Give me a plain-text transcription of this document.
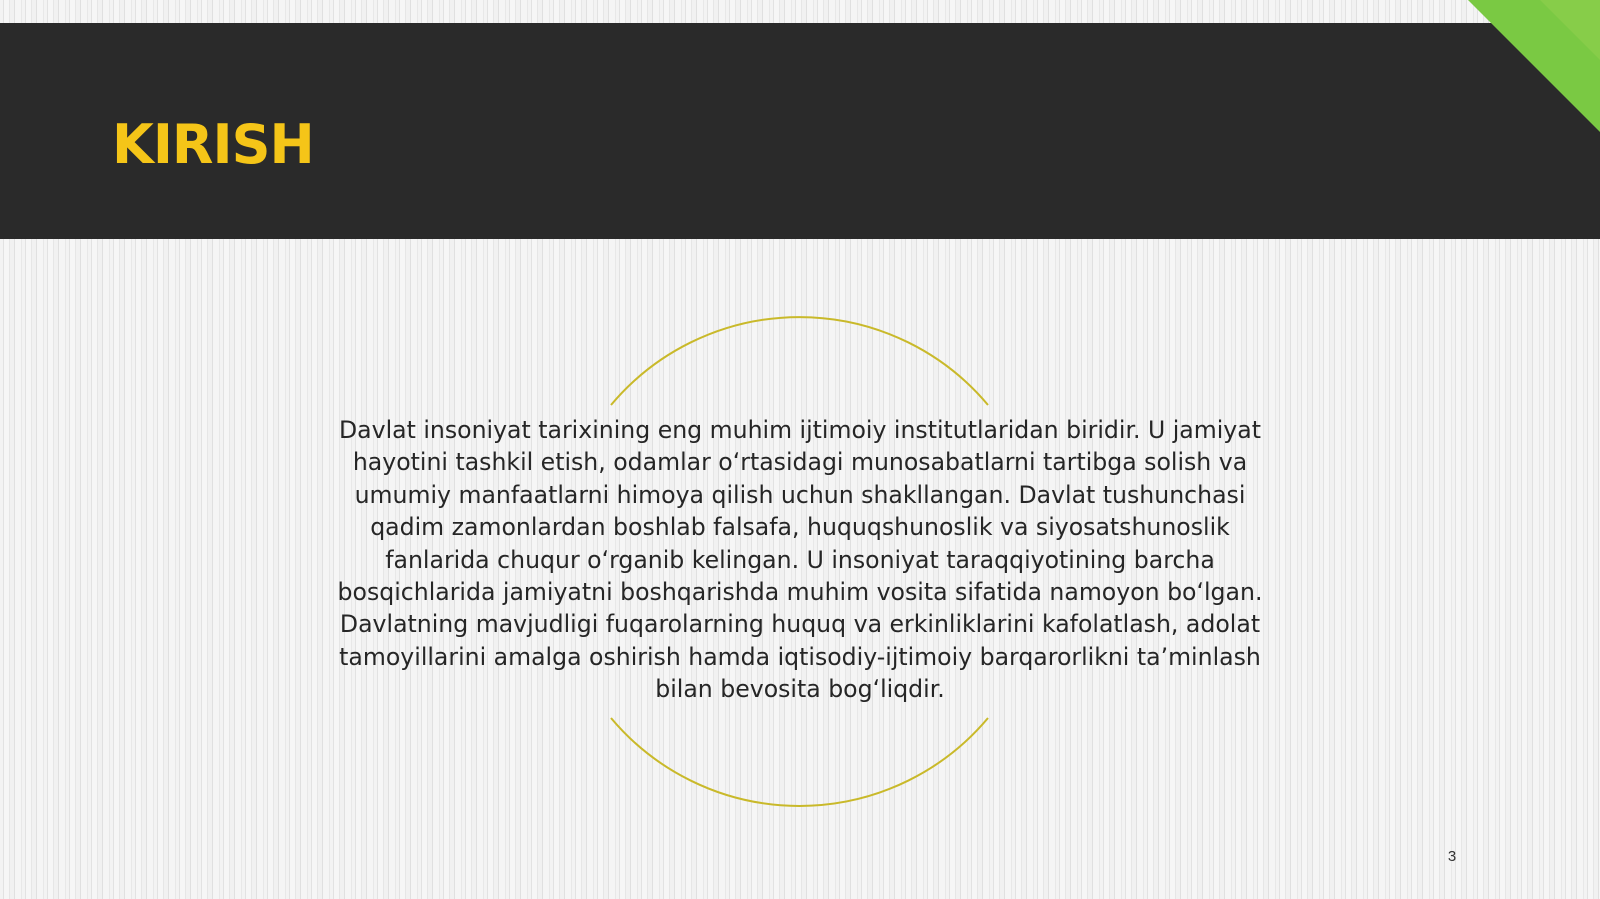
KIRISH

Davlat insoniyat tarixining eng muhim ijtimoiy institutlaridan biridir. U jamiyat hayotini tashkil etish, odamlar oʻrtasidagi munosabatlarni tartibga solish va umumiy manfaatlarni himoya qilish uchun shakllangan. Davlat tushunchasi qadim zamonlardan boshlab falsafa, huquqshunoslik va siyosatshunoslik fanlarida chuqur oʻrganib kelingan. U insoniyat taraqqiyotining barcha bosqichlarida jamiyatni boshqarishda muhim vosita sifatida namoyon boʻlgan. Davlatning mavjudligi fuqarolarning huquq va erkinliklarini kafolatlash, adolat tamoyillarini amalga oshirish hamda iqtisodiy-ijtimoiy barqarorlikni taʼminlash bilan bevosita bogʻliqdir.

3
